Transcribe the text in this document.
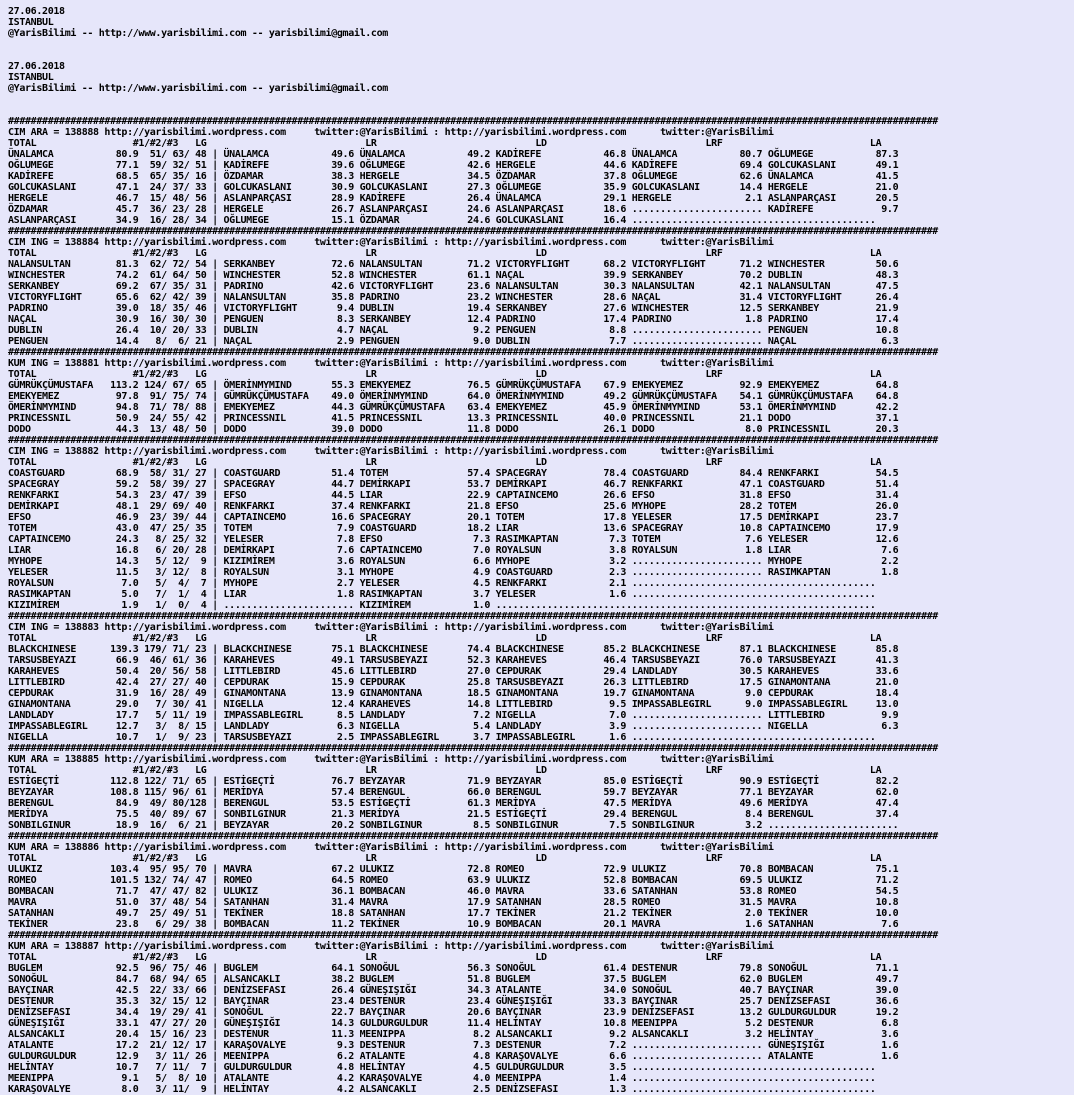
27.06.2018
ISTANBUL
@YarisBilimi -- http://www.yarisbilimi.com -- yarisbilimi@gmail.com

27.06.2018
ISTANBUL
@YarisBilimi -- http://www.yarisbilimi.com -- yarisbilimi@gmail.com

####################################################################################################################################################################
CIM ARA = 138888 http://yarisbilimi.wordpress.com     twitter:@YarisBilimi : http://yarisbilimi.wordpress.com      twitter:@YarisBilimi
TOTAL                 #1/#2/#3   LG                            LR                            LD                            LRF                          LA
ÜNALAMCA           80.9  51/ 63/ 48 | ÜNALAMCA           49.6 ÜNALAMCA           49.2 KADİREFE           46.8 ÜNALAMCA           80.7 OĞLUMEGE           87.3
OĞLUMEGE           77.1  59/ 32/ 51 | KADİREFE           39.6 OĞLUMEGE           42.6 HERGELE            44.6 KADİREFE           69.4 GOLCUKASLANI       49.1
KADİREFE           68.5  65/ 35/ 16 | ÖZDAMAR            38.3 HERGELE            34.5 ÖZDAMAR            37.8 OĞLUMEGE           62.6 ÜNALAMCA           41.5
GOLCUKASLANI       47.1  24/ 37/ 33 | GOLCUKASLANI       30.9 GOLCUKASLANI       27.3 OĞLUMEGE           35.9 GOLCUKASLANI       14.4 HERGELE            21.0
HERGELE            46.7  15/ 48/ 56 | ASLANPARÇASI       28.9 KADİREFE           26.4 ÜNALAMCA           29.1 HERGELE             2.1 ASLANPARÇASI       20.5
ÖZDAMAR            45.7  36/ 23/ 28 | HERGELE            26.7 ASLANPARÇASI       24.6 ASLANPARÇASI       18.6 ....................... KADİREFE            9.7
ASLANPARÇASI       34.9  16/ 28/ 34 | OĞLUMEGE           15.1 ÖZDAMAR            24.6 GOLCUKASLANI       16.4 ...........................................
####################################################################################################################################################################
CIM ING = 138884 http://yarisbilimi.wordpress.com     twitter:@YarisBilimi : http://yarisbilimi.wordpress.com      twitter:@YarisBilimi
TOTAL                 #1/#2/#3   LG                            LR                            LD                            LRF                          LA
NALANSULTAN        81.3  62/ 72/ 54 | SERKANBEY          72.6 NALANSULTAN        71.2 VICTORYFLIGHT      68.2 VICTORYFLIGHT      71.2 WINCHESTER         50.6
WINCHESTER         74.2  61/ 64/ 50 | WINCHESTER         52.8 WINCHESTER         61.1 NAÇAL              39.9 SERKANBEY          70.2 DUBLIN             48.3
SERKANBEY          69.2  67/ 35/ 31 | PADRINO            42.6 VICTORYFLIGHT      23.6 NALANSULTAN        30.3 NALANSULTAN        42.1 NALANSULTAN        47.5
VICTORYFLIGHT      65.6  62/ 42/ 39 | NALANSULTAN        35.8 PADRINO            23.2 WINCHESTER         28.6 NAÇAL              31.4 VICTORYFLIGHT      26.4
PADRINO            39.0  18/ 35/ 46 | VICTORYFLIGHT       9.4 DUBLIN             19.4 SERKANBEY          27.6 WINCHESTER         12.5 SERKANBEY          21.9
NAÇAL              30.9  16/ 30/ 30 | PENGUEN             8.3 SERKANBEY          12.4 PADRINO            17.4 PADRINO             1.8 PADRINO            17.4
DUBLIN             26.4  10/ 20/ 33 | DUBLIN              4.7 NAÇAL               9.2 PENGUEN             8.8 ....................... PENGUEN            10.8
PENGUEN            14.4   8/  6/ 21 | NAÇAL               2.9 PENGUEN             9.0 DUBLIN              7.7 ....................... NAÇAL               6.3
####################################################################################################################################################################
KUM ING = 138881 http://yarisbilimi.wordpress.com     twitter:@YarisBilimi : http://yarisbilimi.wordpress.com      twitter:@YarisBilimi
TOTAL                 #1/#2/#3   LG                            LR                            LD                            LRF                          LA
GÜMRÜKÇÜMUSTAFA   113.2 124/ 67/ 65 | ÖMERİNMYMIND       55.3 EMEKYEMEZ          76.5 GÜMRÜKÇÜMUSTAFA    67.9 EMEKYEMEZ          92.9 EMEKYEMEZ          64.8
EMEKYEMEZ          97.8  91/ 75/ 74 | GÜMRÜKÇÜMUSTAFA    49.0 ÖMERİNMYMIND       64.0 ÖMERİNMYMIND       49.2 GÜMRÜKÇÜMUSTAFA    54.1 GÜMRÜKÇÜMUSTAFA    64.8
ÖMERİNMYMIND       94.8  71/ 78/ 88 | EMEKYEMEZ          44.3 GÜMRÜKÇÜMUSTAFA    63.4 EMEKYEMEZ          45.9 ÖMERİNMYMIND       53.1 ÖMERİNMYMIND       42.2
PRINCESSNIL        50.9  24/ 55/ 42 | PRINCESSNIL        41.5 PRINCESSNIL        13.3 PRINCESSNIL        40.0 PRINCESSNIL        21.1 DODO               37.1
DODO               44.3  13/ 48/ 50 | DODO               39.0 DODO               11.8 DODO               26.1 DODO                8.0 PRINCESSNIL        20.3
####################################################################################################################################################################
CIM ING = 138882 http://yarisbilimi.wordpress.com     twitter:@YarisBilimi : http://yarisbilimi.wordpress.com      twitter:@YarisBilimi
TOTAL                 #1/#2/#3   LG                            LR                            LD                            LRF                          LA
COASTGUARD         68.9  58/ 31/ 27 | COASTGUARD         51.4 TOTEM              57.4 SPACEGRAY          78.4 COASTGUARD         84.4 RENKFARKI          54.5
SPACEGRAY          59.2  58/ 39/ 27 | SPACEGRAY          44.7 DEMİRKAPI          53.7 DEMİRKAPI          46.7 RENKFARKI          47.1 COASTGUARD         51.4
RENKFARKI          54.3  23/ 47/ 39 | EFSO               44.5 LIAR               22.9 CAPTAINCEMO        26.6 EFSO               31.8 EFSO               31.4
DEMİRKAPI          48.1  29/ 69/ 40 | RENKFARKI          37.4 RENKFARKI          21.8 EFSO               25.6 MYHOPE             28.2 TOTEM              26.0
EFSO               46.9  23/ 39/ 44 | CAPTAINCEMO        16.6 SPACEGRAY          20.1 TOTEM              17.8 YELESER            17.5 DEMİRKAPI          23.7
TOTEM              43.0  47/ 25/ 35 | TOTEM               7.9 COASTGUARD         18.2 LIAR               13.6 SPACEGRAY          10.8 CAPTAINCEMO        17.9
CAPTAINCEMO        24.3   8/ 25/ 32 | YELESER             7.8 EFSO                7.3 RASIMKAPTAN         7.3 TOTEM               7.6 YELESER            12.6
LIAR               16.8   6/ 20/ 28 | DEMİRKAPI           7.6 CAPTAINCEMO         7.0 ROYALSUN            3.8 ROYALSUN            1.8 LIAR                7.6
MYHOPE             14.3   5/ 12/  9 | KIZIMİREM           3.6 ROYALSUN            6.6 MYHOPE              3.2 ....................... MYHOPE              2.2
YELESER            11.5   3/ 12/  8 | ROYALSUN            3.1 MYHOPE              4.9 COASTGUARD          2.3 ....................... RASIMKAPTAN         1.8
ROYALSUN            7.0   5/  4/  7 | MYHOPE              2.7 YELESER             4.5 RENKFARKI           2.1 ...........................................
RASIMKAPTAN         5.0   7/  1/  4 | LIAR                1.8 RASIMKAPTAN         3.7 YELESER             1.6 ...........................................
KIZIMİREM           1.9   1/  0/  4 | ....................... KIZIMİREM           1.0 ...................................................................
####################################################################################################################################################################
CIM ING = 138883 http://yarisbilimi.wordpress.com     twitter:@YarisBilimi : http://yarisbilimi.wordpress.com      twitter:@YarisBilimi
TOTAL                 #1/#2/#3   LG                            LR                            LD                            LRF                          LA
BLACKCHINESE      139.3 179/ 71/ 23 | BLACKCHINESE       75.1 BLACKCHINESE       74.4 BLACKCHINESE       85.2 BLACKCHINESE       87.1 BLACKCHINESE       85.8
TARSUSBEYAZI       66.9  46/ 61/ 36 | KARAHEVES          49.1 TARSUSBEYAZI       52.3 KARAHEVES          46.4 TARSUSBEYAZI       76.0 TARSUSBEYAZI       41.3
KARAHEVES          50.4  20/ 56/ 58 | LITTLEBIRD         45.6 LITTLEBIRD         27.0 CEPDURAK           29.4 LANDLADY           30.5 KARAHEVES          33.6
LITTLEBIRD         42.4  27/ 27/ 40 | CEPDURAK           15.9 CEPDURAK           25.8 TARSUSBEYAZI       26.3 LITTLEBIRD         17.5 GINAMONTANA        21.0
CEPDURAK           31.9  16/ 28/ 49 | GINAMONTANA        13.9 GINAMONTANA        18.5 GINAMONTANA        19.7 GINAMONTANA         9.0 CEPDURAK           18.4
GINAMONTANA        29.0   7/ 30/ 41 | NIGELLA            12.4 KARAHEVES          14.8 LITTLEBIRD          9.5 IMPASSABLEGIRL      9.0 IMPASSABLEGIRL     13.0
LANDLADY           17.7   5/ 11/ 19 | IMPASSABLEGIRL      8.5 LANDLADY            7.2 NIGELLA             7.0 ....................... LITTLEBIRD          9.9
IMPASSABLEGIRL     12.7   3/  8/ 15 | LANDLADY            6.3 NIGELLA             5.4 LANDLADY            3.9 ....................... NIGELLA             6.3
NIGELLA            10.7   1/  9/ 23 | TARSUSBEYAZI        2.5 IMPASSABLEGIRL      3.7 IMPASSABLEGIRL      1.6 ...........................................
####################################################################################################################################################################
KUM ARA = 138885 http://yarisbilimi.wordpress.com     twitter:@YarisBilimi : http://yarisbilimi.wordpress.com      twitter:@YarisBilimi
TOTAL                 #1/#2/#3   LG                            LR                            LD                            LRF                          LA
ESTİGEÇTİ         112.8 122/ 71/ 65 | ESTİGEÇTİ          76.7 BEYZAYAR           71.9 BEYZAYAR           85.0 ESTİGEÇTİ          90.9 ESTİGEÇTİ          82.2
BEYZAYAR          108.8 115/ 96/ 61 | MERİDYA            57.4 BERENGUL           66.0 BERENGUL           59.7 BEYZAYAR           77.1 BEYZAYAR           62.0
BERENGUL           84.9  49/ 80/128 | BERENGUL           53.5 ESTİGEÇTİ          61.3 MERİDYA            47.5 MERİDYA            49.6 MERİDYA            47.4
MERİDYA            75.5  40/ 89/ 67 | SONBILGINUR        21.3 MERİDYA            21.5 ESTİGEÇTİ          29.4 BERENGUL            8.4 BERENGUL           37.4
SONBILGINUR        18.9  16/  6/ 21 | BEYZAYAR           20.2 SONBILGINUR         8.5 SONBILGINUR         7.5 SONBILGINUR         3.2 .......................
####################################################################################################################################################################
KUM ARA = 138886 http://yarisbilimi.wordpress.com     twitter:@YarisBilimi : http://yarisbilimi.wordpress.com      twitter:@YarisBilimi
TOTAL                 #1/#2/#3   LG                            LR                            LD                            LRF                          LA
ULUKIZ            103.4  95/ 95/ 70 | MAVRA              67.2 ULUKIZ             72.8 ROMEO              72.9 ULUKIZ             70.8 BOMBACAN           75.1
ROMEO             101.5 132/ 74/ 47 | ROMEO              64.5 ROMEO              63.9 ULUKIZ             52.8 BOMBACAN           69.5 ULUKIZ             71.2
BOMBACAN           71.7  47/ 47/ 82 | ULUKIZ             36.1 BOMBACAN           46.0 MAVRA              33.6 SATANHAN           53.8 ROMEO              54.5
MAVRA              51.0  37/ 48/ 54 | SATANHAN           31.4 MAVRA              17.9 SATANHAN           28.5 ROMEO              31.5 MAVRA              10.8
SATANHAN           49.7  25/ 49/ 51 | TEKİNER            18.8 SATANHAN           17.7 TEKİNER            21.2 TEKİNER             2.0 TEKİNER            10.0
TEKİNER            23.8   6/ 29/ 38 | BOMBACAN           11.2 TEKİNER            10.9 BOMBACAN           20.1 MAVRA               1.6 SATANHAN            7.6
####################################################################################################################################################################
KUM ARA = 138887 http://yarisbilimi.wordpress.com     twitter:@YarisBilimi : http://yarisbilimi.wordpress.com      twitter:@YarisBilimi
TOTAL                 #1/#2/#3   LG                            LR                            LD                            LRF                          LA
BUGLEM             92.5  96/ 75/ 46 | BUGLEM             64.1 SONOĞUL            56.3 SONOĞUL            61.4 DESTENUR           79.8 SONOĞUL            71.1
SONOĞUL            84.7  68/ 94/ 65 | ALSANCAKLI         38.2 BUGLEM             51.8 BUGLEM             37.5 BUGLEM             62.0 BUGLEM             49.7
BAYÇINAR           42.5  22/ 33/ 66 | DENİZSEFASI        26.4 GÜNEŞIŞIĞI         34.3 ATALANTE           34.0 SONOĞUL            40.7 BAYÇINAR           39.0
DESTENUR           35.3  32/ 15/ 12 | BAYÇINAR           23.4 DESTENUR           23.4 GÜNEŞIŞIĞI         33.3 BAYÇINAR           25.7 DENİZSEFASI        36.6
DENİZSEFASI        34.4  19/ 29/ 41 | SONOĞUL            22.7 BAYÇINAR           20.6 BAYÇINAR           23.9 DENİZSEFASI        13.2 GULDURGULDUR       19.2
GÜNEŞIŞIĞI         33.1  47/ 27/ 20 | GÜNEŞIŞIĞI         14.3 GULDURGULDUR       11.4 HELİNTAY           10.8 MEENIPPA            5.2 DESTENUR            6.8
ALSANCAKLI         20.4  15/ 16/ 23 | DESTENUR           11.3 MEENIPPA            8.2 ALSANCAKLI          9.2 ALSANCAKLI          3.2 HELİNTAY            3.6
ATALANTE           17.2  21/ 12/ 17 | KARAŞOVALYE         9.3 DESTENUR            7.3 DESTENUR            7.2 ....................... GÜNEŞIŞIĞI          1.6
GULDURGULDUR       12.9   3/ 11/ 26 | MEENIPPA            6.2 ATALANTE            4.8 KARAŞOVALYE         6.6 ....................... ATALANTE            1.6
HELİNTAY           10.7   7/ 11/  7 | GULDURGULDUR        4.8 HELİNTAY            4.5 GULDURGULDUR        3.5 ...........................................
MEENIPPA            9.1   5/  8/ 10 | ATALANTE            4.2 KARAŞOVALYE         4.0 MEENIPPA            1.4 ...........................................
KARAŞOVALYE         8.0   3/ 11/  9 | HELİNTAY            4.2 ALSANCAKLI          2.5 DENİZSEFASI         1.3 ...........................................
